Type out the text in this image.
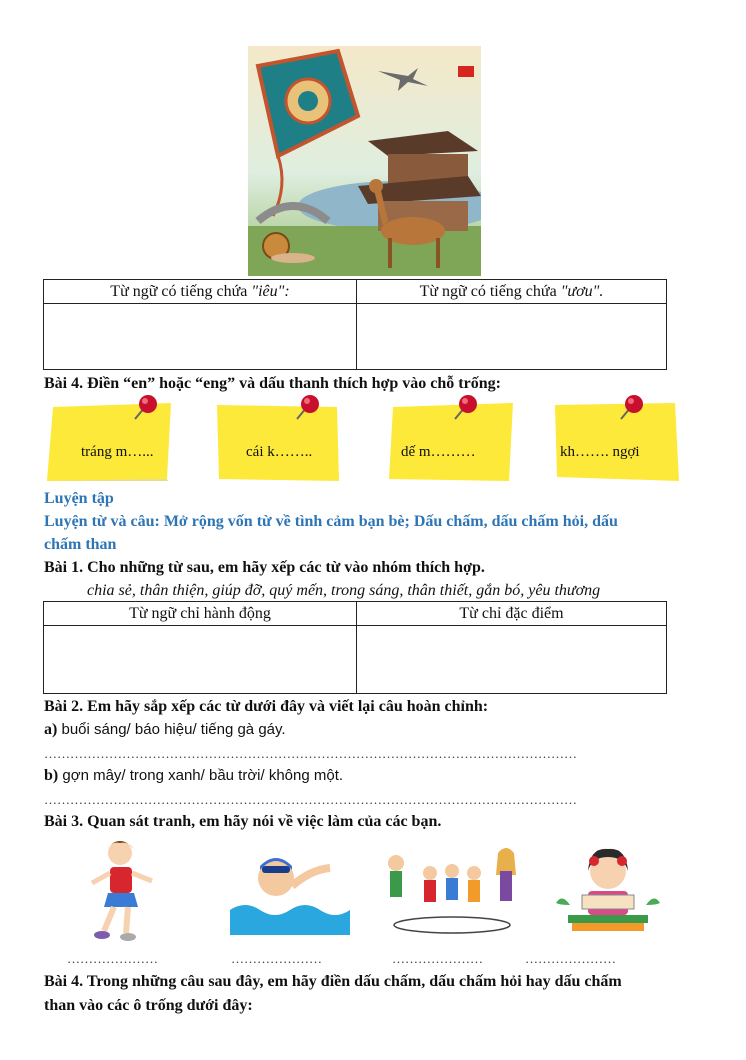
Từ ngữ có tiếng chứa "iêu":	Từ ngữ có tiếng chứa "ươu".

Bài 4. Điền “en” hoặc “eng” và dấu thanh thích hợp vào chỗ trống:
tráng m…...	cái k……..	dế m………	kh……. ngợi
Luyện tập
Luyện từ và câu: Mở rộng vốn từ về tình cảm bạn bè; Dấu chấm, dấu chấm hỏi, dấu
chấm than
Bài 1. Cho những từ sau, em hãy xếp các từ vào nhóm thích hợp.
chia sẻ, thân thiện, giúp đỡ, quý mến, trong sáng, thân thiết, gắn bó, yêu thương
Từ ngữ chỉ hành động	Từ chỉ đặc điểm

Bài 2. Em hãy sắp xếp các từ dưới đây và viết lại câu hoàn chỉnh:
a) buổi sáng/ báo hiệu/ tiếng gà gáy.
……………………………………………………………………………………………………………
b) gợn mây/ trong xanh/ bầu trời/ không một.
……………………………………………………………………………………………………………
Bài 3. Quan sát tranh, em hãy nói về việc làm của các bạn.
…………………	…………………	…………………	…………………
Bài 4. Trong những câu sau đây, em hãy điền dấu chấm, dấu chấm hỏi hay dấu chấm
than vào các ô trống dưới đây:
